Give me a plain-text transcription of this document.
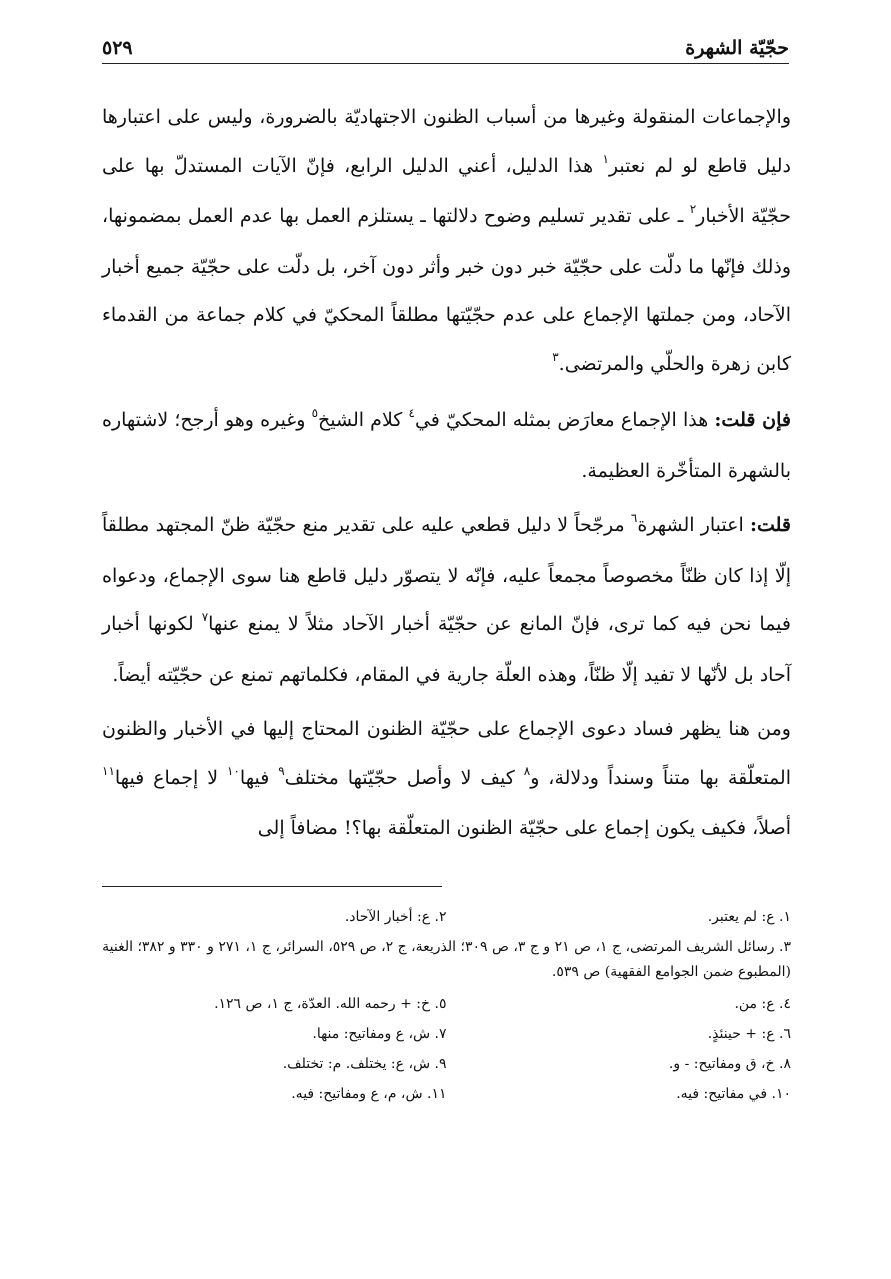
حجّيّة الشهرة
٥٢٩

والإجماعات المنقولة وغيرها من أسباب الظنون الاجتهاديّة بالضرورة، وليس على اعتبارها دليل قاطع لو لم نعتبر$^١$ هذا الدليل، أعني الدليل الرابع، فإنّ الآيات المستدلّ بها على حجّيّة الأخبار$^٢$ ـ على تقدير تسليم وضوح دلالتها ـ يستلزم العمل بها عدم العمل بمضمونها، وذلك فإنّها ما دلّت على حجّيّة خبر دون خبر وأثر دون آخر، بل دلّت على حجّيّة جميع أخبار الآحاد، ومن جملتها الإجماع على عدم حجّيّتها مطلقاً المحكيّ في كلام جماعة من القدماء كابن زهرة والحلّي والمرتضى.$^٣$

فإن قلت: هذا الإجماع معارَض بمثله المحكيّ في$^٤$ كلام الشيخ$^٥$ وغيره وهو أرجح؛ لاشتهاره بالشهرة المتأخّرة العظيمة.

قلت: اعتبار الشهرة$^٦$ مرجّحاً لا دليل قطعي عليه على تقدير منع حجّيّة ظنّ المجتهد مطلقاً إلّا إذا كان ظنّاً مخصوصاً مجمعاً عليه، فإنّه لا يتصوّر دليل قاطع هنا سوى الإجماع، ودعواه فيما نحن فيه كما ترى، فإنّ المانع عن حجّيّة أخبار الآحاد مثلاً لا يمنع عنها$^٧$ لكونها أخبار آحاد بل لأنّها لا تفيد إلّا ظنّاً، وهذه العلّة جارية في المقام، فكلماتهم تمنع عن حجّيّته أيضاً.

ومن هنا يظهر فساد دعوى الإجماع على حجّيّة الظنون المحتاج إليها في الأخبار والظنون المتعلّقة بها متناً وسنداً ودلالة، و$^٨$ كيف لا وأصل حجّيّتها مختلف$^٩$ فيها$^{١٠}$ لا إجماع فيها$^{١١}$ أصلاً، فكيف يكون إجماع على حجّيّة الظنون المتعلّقة بها؟! مضافاً إلى

١. ع: لم يعتبر.
٢. ع: أخبار الآحاد.
٣. رسائل الشريف المرتضى، ج ١، ص ٢١ و ج ٣، ص ٣٠٩؛ الذريعة، ج ٢، ص ٥٢٩، السرائر، ج ١، ٢٧١ و ٣٣٠ و ٣٨٢؛ الغنية (المطبوع ضمن الجوامع الفقهية) ص ٥٣٩.
٤. ع: من.
٥. خ: + رحمه الله. العدّة، ج ١، ص ١٢٦.
٦. ع: + حينئذٍ.
٧. ش، ع ومفاتيح: منها.
٨. خ، ق ومفاتيح: - و.
٩. ش، ع: يختلف. م: تختلف.
١٠. في مفاتيح: فيه.
١١. ش، م، ع ومفاتيح: فيه.
